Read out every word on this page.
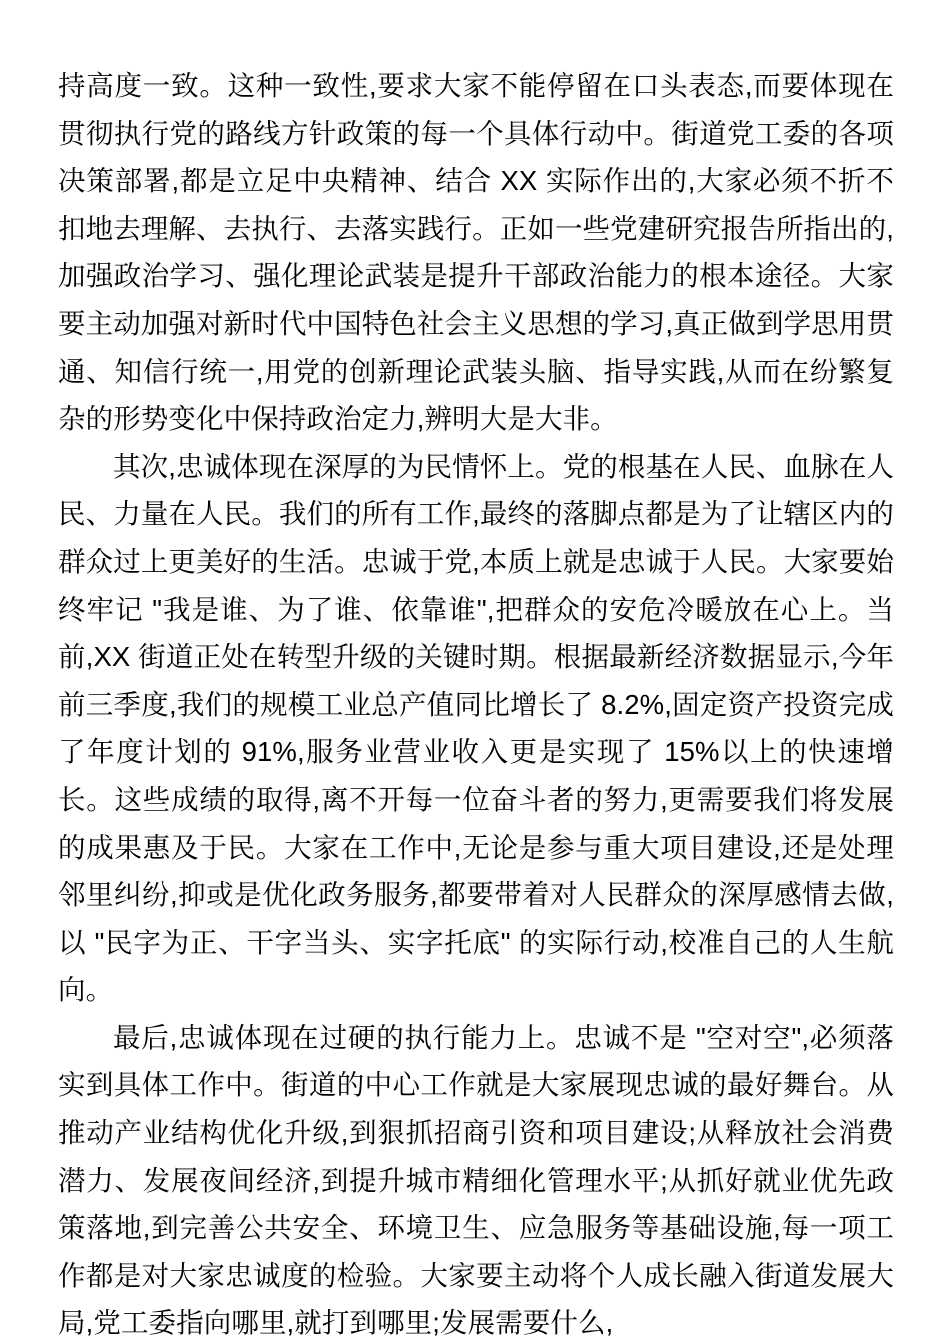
持高度一致。这种一致性,要求大家不能停留在口头表态,而要体现在贯彻执行党的路线方针政策的每一个具体行动中。街道党工委的各项决策部署,都是立足中央精神、结合 XX 实际作出的,大家必须不折不扣地去理解、去执行、去落实践行。正如一些党建研究报告所指出的,加强政治学习、强化理论武装是提升干部政治能力的根本途径。大家要主动加强对新时代中国特色社会主义思想的学习,真正做到学思用贯通、知信行统一,用党的创新理论武装头脑、指导实践,从而在纷繁复杂的形势变化中保持政治定力,辨明大是大非。

其次,忠诚体现在深厚的为民情怀上。党的根基在人民、血脉在人民、力量在人民。我们的所有工作,最终的落脚点都是为了让辖区内的群众过上更美好的生活。忠诚于党,本质上就是忠诚于人民。大家要始终牢记 "我是谁、为了谁、依靠谁",把群众的安危冷暖放在心上。当前,XX 街道正处在转型升级的关键时期。根据最新经济数据显示,今年前三季度,我们的规模工业总产值同比增长了 8.2%,固定资产投资完成了年度计划的 91%,服务业营业收入更是实现了 15%以上的快速增长。这些成绩的取得,离不开每一位奋斗者的努力,更需要我们将发展的成果惠及于民。大家在工作中,无论是参与重大项目建设,还是处理邻里纠纷,抑或是优化政务服务,都要带着对人民群众的深厚感情去做,以 "民字为正、干字当头、实字托底" 的实际行动,校准自己的人生航向。

最后,忠诚体现在过硬的执行能力上。忠诚不是 "空对空",必须落实到具体工作中。街道的中心工作就是大家展现忠诚的最好舞台。从推动产业结构优化升级,到狠抓招商引资和项目建设;从释放社会消费潜力、发展夜间经济,到提升城市精细化管理水平;从抓好就业优先政策落地,到完善公共安全、环境卫生、应急服务等基础设施,每一项工作都是对大家忠诚度的检验。大家要主动将个人成长融入街道发展大局,党工委指向哪里,就打到哪里;发展需要什么,
